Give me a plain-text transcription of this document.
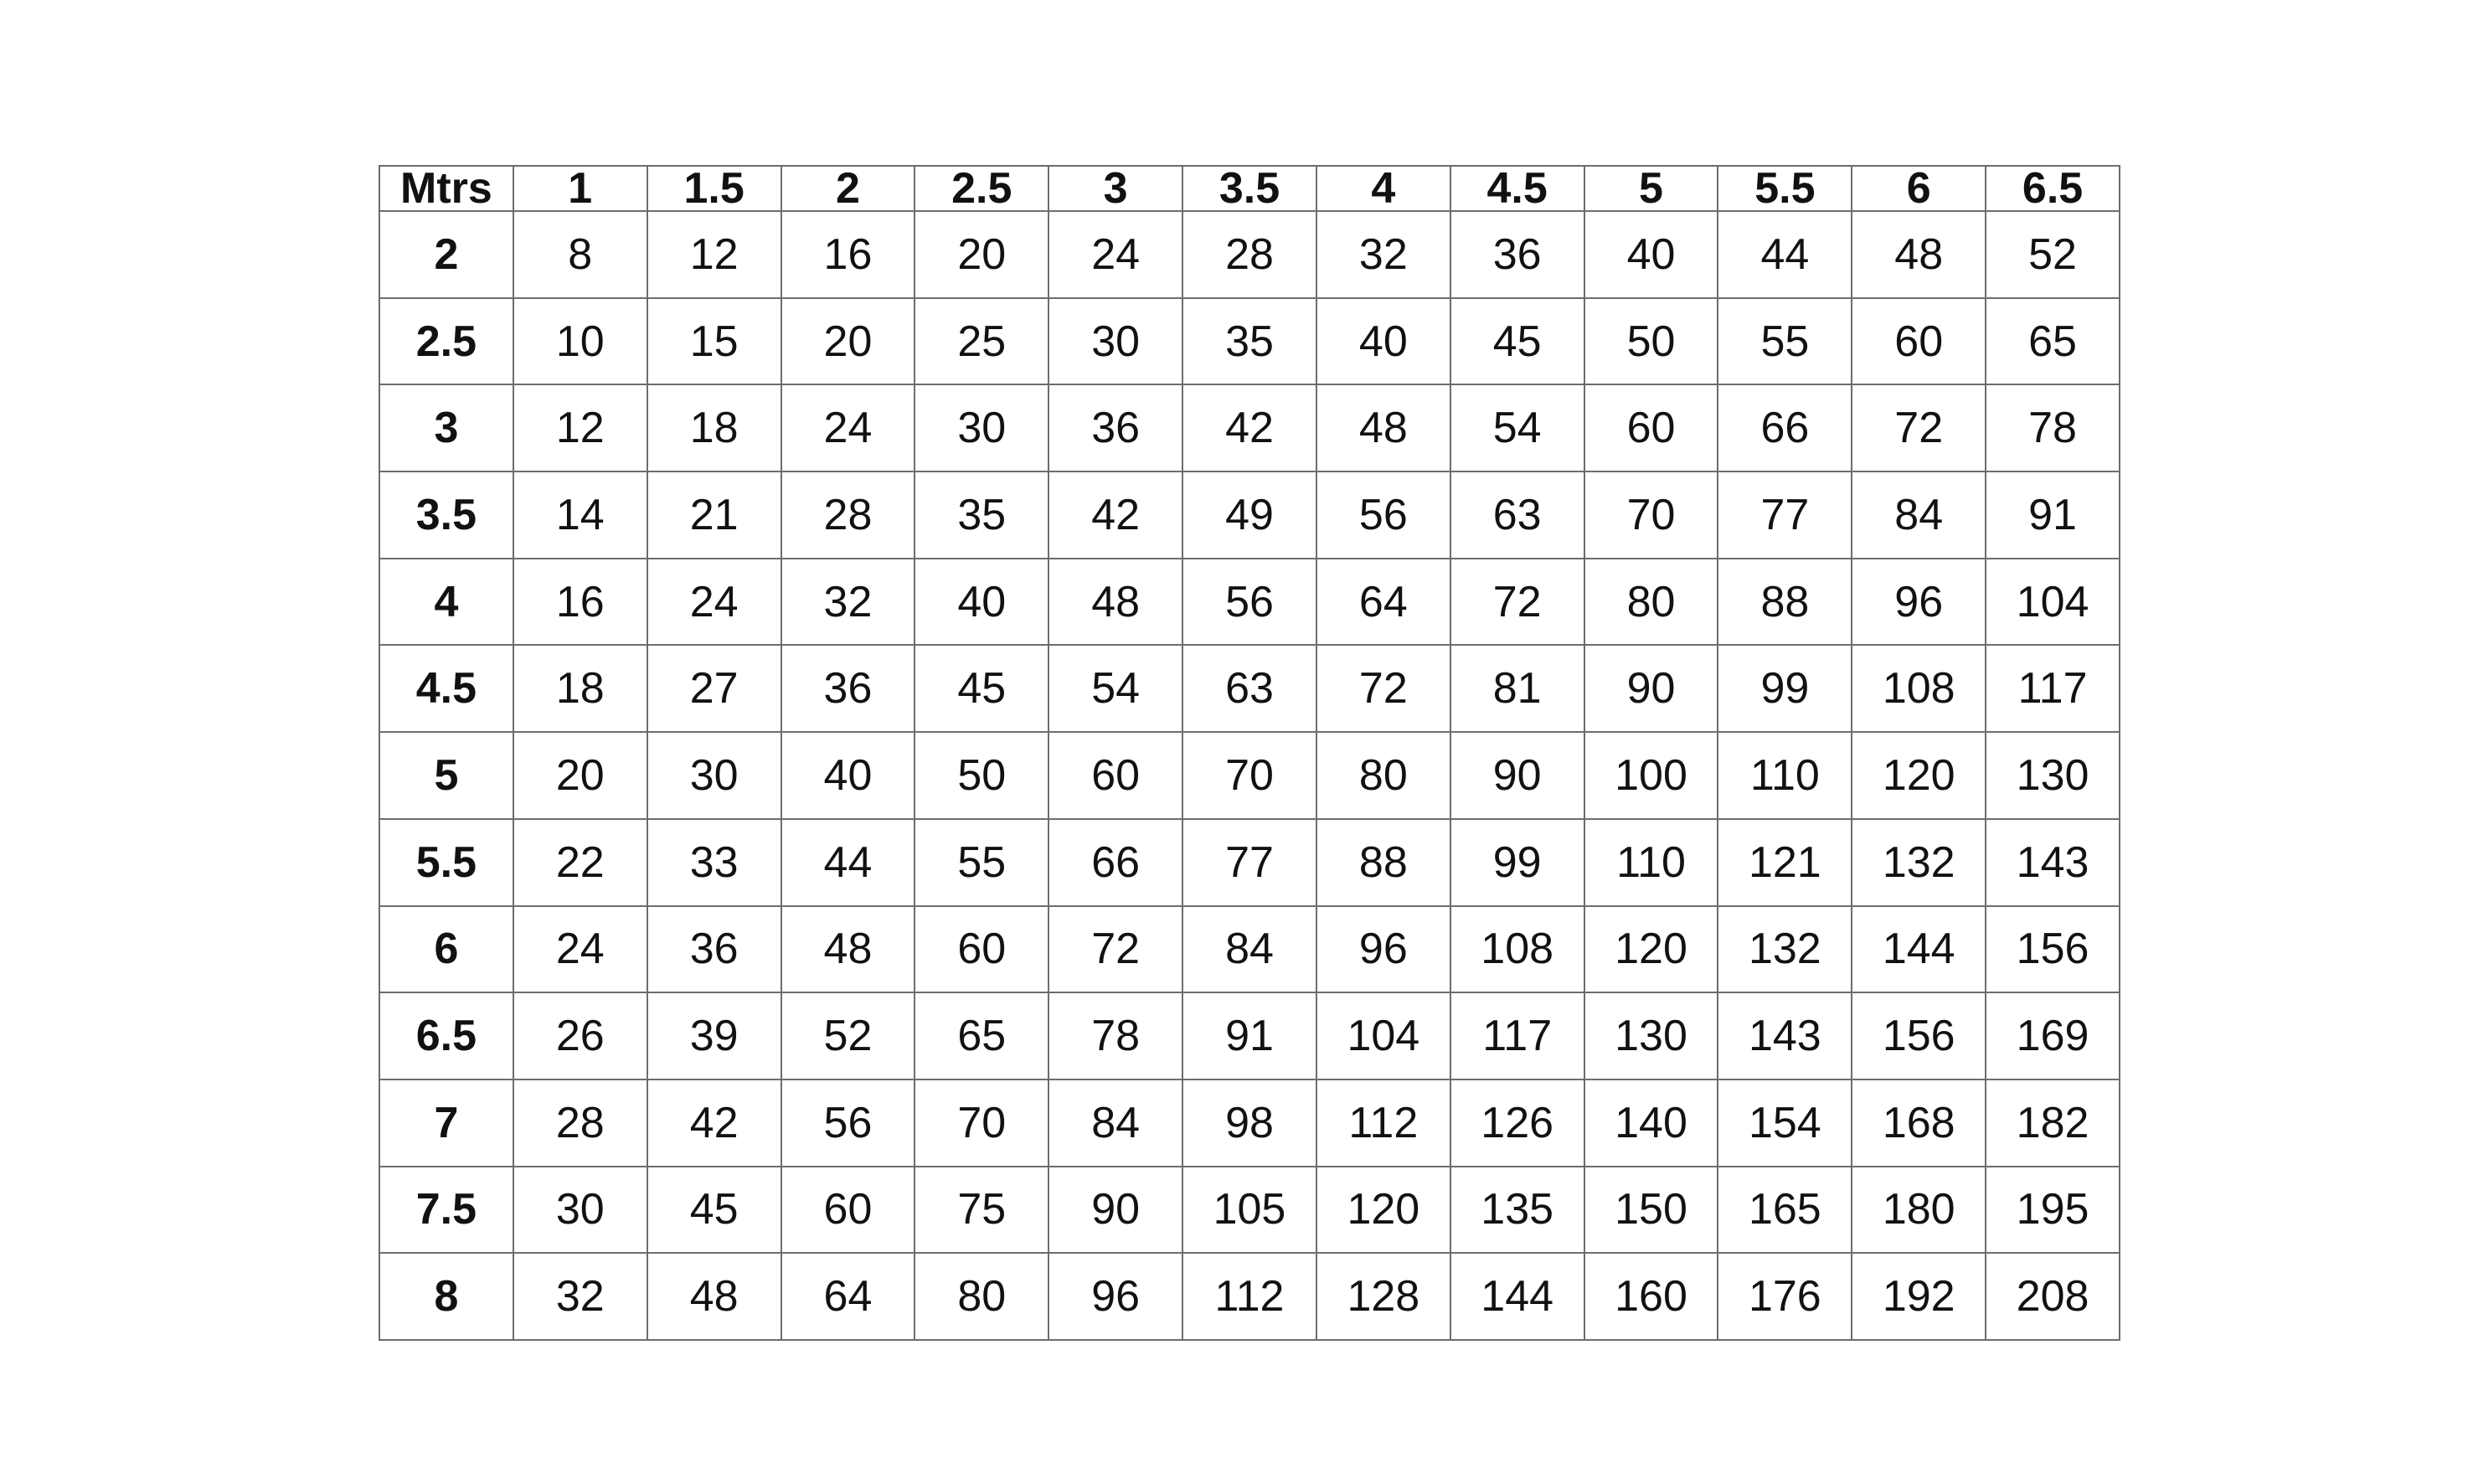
Mtrs	1	1.5	2	2.5	3	3.5	4	4.5	5	5.5	6	6.5
2	8	12	16	20	24	28	32	36	40	44	48	52
2.5	10	15	20	25	30	35	40	45	50	55	60	65
3	12	18	24	30	36	42	48	54	60	66	72	78
3.5	14	21	28	35	42	49	56	63	70	77	84	91
4	16	24	32	40	48	56	64	72	80	88	96	104
4.5	18	27	36	45	54	63	72	81	90	99	108	117
5	20	30	40	50	60	70	80	90	100	110	120	130
5.5	22	33	44	55	66	77	88	99	110	121	132	143
6	24	36	48	60	72	84	96	108	120	132	144	156
6.5	26	39	52	65	78	91	104	117	130	143	156	169
7	28	42	56	70	84	98	112	126	140	154	168	182
7.5	30	45	60	75	90	105	120	135	150	165	180	195
8	32	48	64	80	96	112	128	144	160	176	192	208
